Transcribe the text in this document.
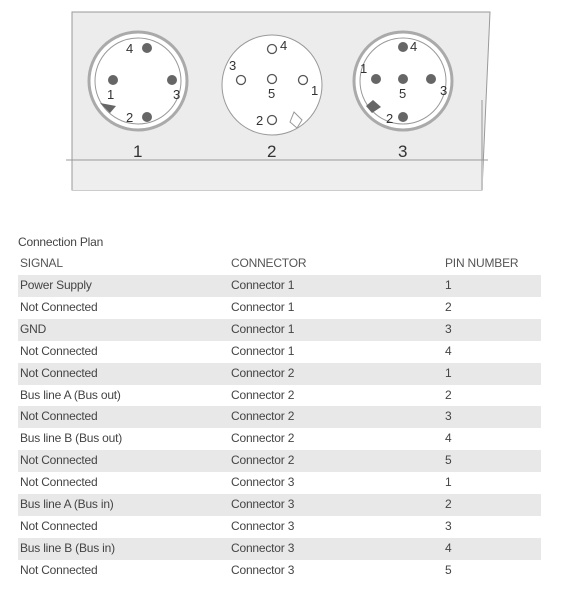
4
1	3
2
1
4
3
5	1
2
2
4
1
5	3
2
3
Connection Plan
SIGNAL	CONNECTOR	PIN NUMBER
Power Supply	Connector 1	1
Not Connected	Connector 1	2
GND	Connector 1	3
Not Connected	Connector 1	4
Not Connected	Connector 2	1
Bus line A (Bus out)	Connector 2	2
Not Connected	Connector 2	3
Bus line B (Bus out)	Connector 2	4
Not Connected	Connector 2	5
Not Connected	Connector 3	1
Bus line A (Bus in)	Connector 3	2
Not Connected	Connector 3	3
Bus line B (Bus in)	Connector 3	4
Not Connected	Connector 3	5
